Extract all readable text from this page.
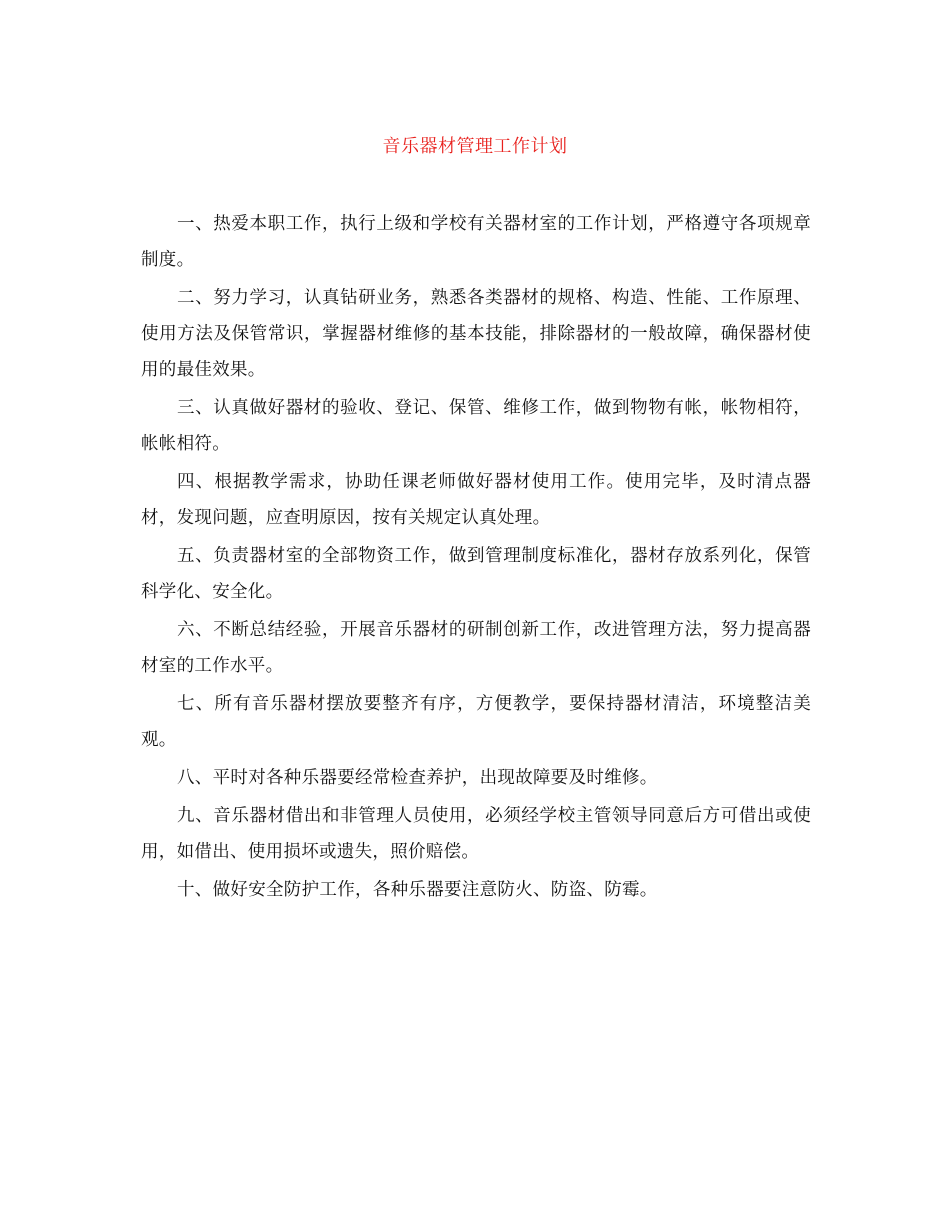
音乐器材管理工作计划

一、热爱本职工作，执行上级和学校有关器材室的工作计划，严格遵守各项规章制度。

二、努力学习，认真钻研业务，熟悉各类器材的规格、构造、性能、工作原理、使用方法及保管常识，掌握器材维修的基本技能，排除器材的一般故障，确保器材使用的最佳效果。

三、认真做好器材的验收、登记、保管、维修工作，做到物物有帐，帐物相符，帐帐相符。

四、根据教学需求，协助任课老师做好器材使用工作。使用完毕，及时清点器材，发现问题，应查明原因，按有关规定认真处理。

五、负责器材室的全部物资工作，做到管理制度标准化，器材存放系列化，保管科学化、安全化。

六、不断总结经验，开展音乐器材的研制创新工作，改进管理方法，努力提高器材室的工作水平。

七、所有音乐器材摆放要整齐有序，方便教学，要保持器材清洁，环境整洁美观。

八、平时对各种乐器要经常检查养护，出现故障要及时维修。

九、音乐器材借出和非管理人员使用，必须经学校主管领导同意后方可借出或使用，如借出、使用损坏或遗失，照价赔偿。

十、做好安全防护工作，各种乐器要注意防火、防盗、防霉。
